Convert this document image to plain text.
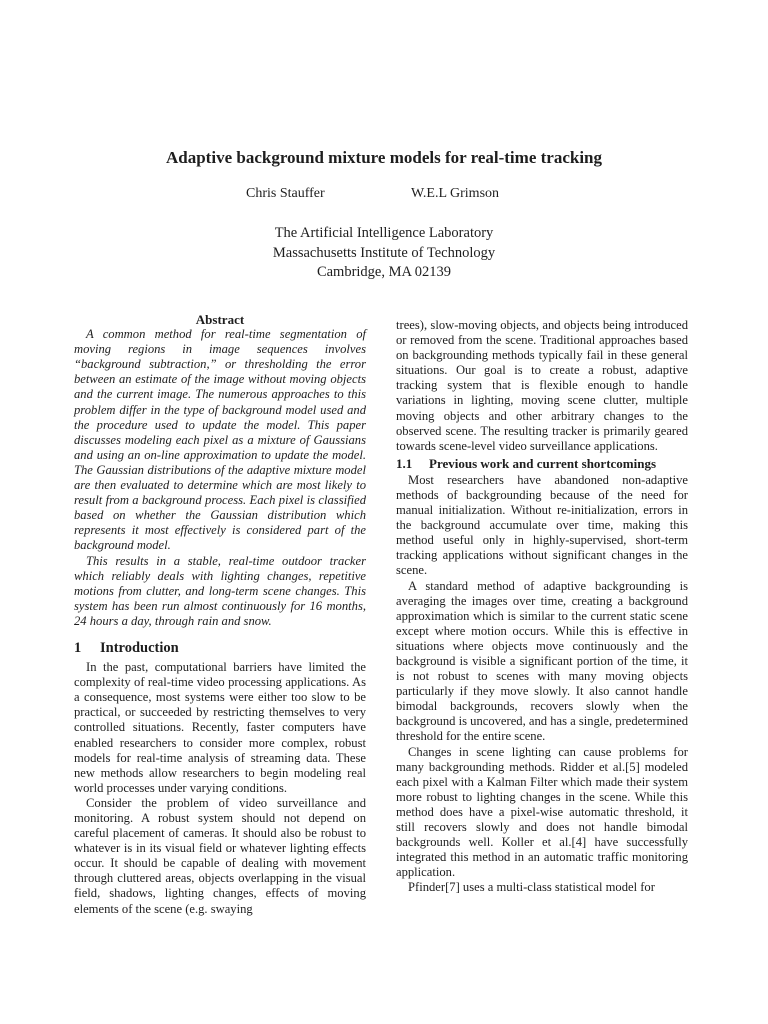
Adaptive background mixture models for real-time tracking
Chris Stauffer	W.E.L Grimson
The Artificial Intelligence Laboratory
Massachusetts Institute of Technology
Cambridge, MA 02139
Abstract

A common method for real-time segmentation of moving regions in image sequences involves “background subtraction,” or thresholding the error between an estimate of the image without moving objects and the current image. The numerous approaches to this problem differ in the type of background model used and the procedure used to update the model. This paper discusses modeling each pixel as a mixture of Gaussians and using an on-line approximation to update the model. The Gaussian distributions of the adaptive mixture model are then evaluated to determine which are most likely to result from a background process. Each pixel is classified based on whether the Gaussian distribution which represents it most effectively is considered part of the background model.

This results in a stable, real-time outdoor tracker which reliably deals with lighting changes, repetitive motions from clutter, and long-term scene changes. This system has been run almost continuously for 16 months, 24 hours a day, through rain and snow.

1 Introduction

In the past, computational barriers have limited the complexity of real-time video processing applications. As a consequence, most systems were either too slow to be practical, or succeeded by restricting themselves to very controlled situations. Recently, faster computers have enabled researchers to consider more complex, robust models for real-time analysis of streaming data. These new methods allow researchers to begin modeling real world processes under varying conditions.

Consider the problem of video surveillance and monitoring. A robust system should not depend on careful placement of cameras. It should also be robust to whatever is in its visual field or whatever lighting effects occur. It should be capable of dealing with movement through cluttered areas, objects overlapping in the visual field, shadows, lighting changes, effects of moving elements of the scene (e.g. swaying

trees), slow-moving objects, and objects being introduced or removed from the scene. Traditional approaches based on backgrounding methods typically fail in these general situations. Our goal is to create a robust, adaptive tracking system that is flexible enough to handle variations in lighting, moving scene clutter, multiple moving objects and other arbitrary changes to the observed scene. The resulting tracker is primarily geared towards scene-level video surveillance applications.

1.1	Previous work and current shortcomings

Most researchers have abandoned non-adaptive methods of backgrounding because of the need for manual initialization. Without re-initialization, errors in the background accumulate over time, making this method useful only in highly-supervised, short-term tracking applications without significant changes in the scene.

A standard method of adaptive backgrounding is averaging the images over time, creating a background approximation which is similar to the current static scene except where motion occurs. While this is effective in situations where objects move continuously and the background is visible a significant portion of the time, it is not robust to scenes with many moving objects particularly if they move slowly. It also cannot handle bimodal backgrounds, recovers slowly when the background is uncovered, and has a single, predetermined threshold for the entire scene.

Changes in scene lighting can cause problems for many backgrounding methods. Ridder et al.[5] modeled each pixel with a Kalman Filter which made their system more robust to lighting changes in the scene. While this method does have a pixel-wise automatic threshold, it still recovers slowly and does not handle bimodal backgrounds well. Koller et al.[4] have successfully integrated this method in an automatic traffic monitoring application.

Pfinder[7] uses a multi-class statistical model for
